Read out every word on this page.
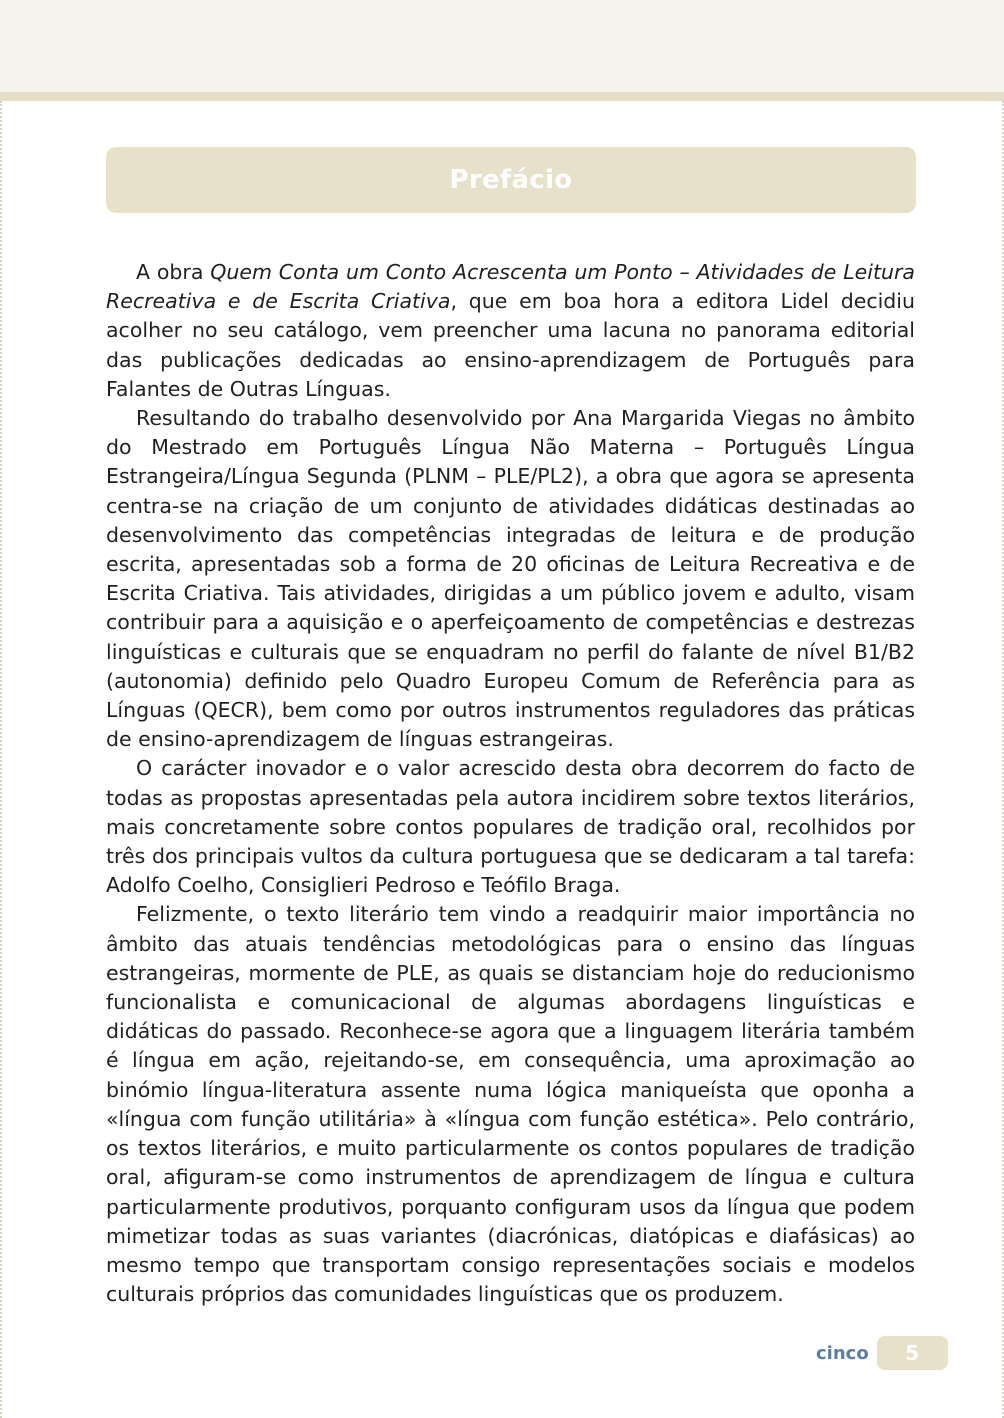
Prefácio

A obra Quem Conta um Conto Acrescenta um Ponto – Atividades de Leitura Recreativa e de Escrita Criativa, que em boa hora a editora Lidel decidiu acolher no seu catálogo, vem preencher uma lacuna no panorama editorial das publicações dedicadas ao ensino-aprendizagem de Português para Falantes de Outras Línguas.

Resultando do trabalho desenvolvido por Ana Margarida Viegas no âmbito do Mestrado em Português Língua Não Materna – Português Língua Estrangeira/Língua Segunda (PLNM – PLE/PL2), a obra que agora se apresenta centra-se na criação de um conjunto de atividades didáticas destinadas ao desenvolvimento das competências integradas de leitura e de produção escrita, apresentadas sob a forma de 20 oficinas de Leitura Recreativa e de Escrita Criativa. Tais atividades, dirigidas a um público jovem e adulto, visam contribuir para a aquisição e o aperfeiçoamento de competências e destrezas linguísticas e culturais que se enquadram no perfil do falante de nível B1/B2 (autonomia) definido pelo Quadro Europeu Comum de Referência para as Línguas (QECR), bem como por outros instrumentos reguladores das práticas de ensino-aprendizagem de línguas estrangeiras.

O carácter inovador e o valor acrescido desta obra decorrem do facto de todas as propostas apresentadas pela autora incidirem sobre textos literários, mais concretamente sobre contos populares de tradição oral, recolhidos por três dos principais vultos da cultura portuguesa que se dedicaram a tal tarefa: Adolfo Coelho, Consiglieri Pedroso e Teófilo Braga.

Felizmente, o texto literário tem vindo a readquirir maior importância no âmbito das atuais tendências metodológicas para o ensino das línguas estrangeiras, mormente de PLE, as quais se distanciam hoje do reducionismo funcionalista e comunicacional de algumas abordagens linguísticas e didáticas do passado. Reconhece-se agora que a linguagem literária também é língua em ação, rejeitando-se, em consequência, uma aproximação ao binómio língua-literatura assente numa lógica maniqueísta que oponha a «língua com função utilitária» à «língua com função estética». Pelo contrário, os textos literários, e muito particularmente os contos populares de tradição oral, afiguram-se como instrumentos de aprendizagem de língua e cultura particularmente produtivos, porquanto configuram usos da língua que podem mimetizar todas as suas variantes (diacrónicas, diatópicas e diafásicas) ao mesmo tempo que transportam consigo representações sociais e modelos culturais próprios das comunidades linguísticas que os produzem.

cinco 5
